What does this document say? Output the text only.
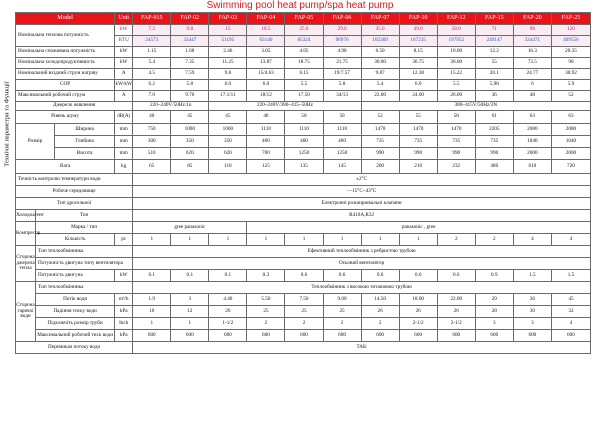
Swimming pool heat pump/spa heat pump
Технічні параметри та Функції
Model			Unit	FAP-015	FAP-02	FAP-03	FAP-04	FAP-05	FAP-06	FAP-07	FAP-10	FAP-12	FAP-15	FAP-20	FAP-25
Номінальна теплова потужність			kW	7.2	9.8	15	18.5	25.0	29.0	35.0	49.0	58.0	71	98	120
			BTU	24573	33447	51195	63140	85324	98976	102309	167235	197952	249147	334471	409556
Номінальна споживана потужність			kW	1.15	1.68	2.46	3.05	4.05	4.98	6.50	8.15	10.00	12.2	16.3	20.35
Номінальна холодопродуктивність			kW	5.4	7.35	11.25	13.87	18.75	21.75	30.00	36.75	36.00	55	73.5	90
Номінальний вхідний струм нагріву			A	4.5	7.59	9.8	15/4.63	6.15	19/7.57	9.87	12.38	15.22	20.1	24.77	30.92
COP			kW/kW	6.2	5.8	6.0	6.0	5.5	5.8	5.4	6.0	5.5	5.98	6	5.9
Максимальний робочий струм			A	7.0	9.70	17.1/11	18/12	17.50	34/13	22.00	24.00	26.00	36	48	52
Джерело живлення				220~240V/50Hz/1n		220~240V/380~415~50Hz				380~415V/50Hz/3N					
Рівень шуму			dB(A)	40	45	45	46	50	50	52	55	58	61	63	63
Розмір		Ширина	mm	750	1000	1000	1110	1110	1110	1470	1470	1470	2205	2080	2080
		Глибина	mm	300	350	350	460	460	460	735	735	735	735	1040	1040
		Висота	mm	510	620	620	700	1250	1250	990	990	990	990	2000	2000
Вага			kg	65	85	110	125	135	145	200	216	232	480	610	720
Точність контролю температури води				±2°C											
Робоче середовище				—15°C~43°C											
Тип дросельної				Електронні розширювальні клапани											
Холодоагент	Тип			R410A,R32											
Компресор	Марка / тип			gree panasonic			panasonic , gree								
	Кількість		pc	1	1	1	1	1	1	1	1	2	2	4	4
Сторона джерела тепла	Тип теплообмінника			Ефективний теплообмінник з ребристою трубою											
	Потужність двигуна типу вентилятора			Осьовий вентилятор											
	Потужність двигуна		kW	0.1	0.1	0.1	0.3	0.6	0.6	0.6	0.6	0.6	0.9	1.5	1.5
Сторона гарячої води	Тип теплообмінника			Теплообмінник з високою титановою трубою											
	Потік води		m³/h	1.9	3	4.40	5.50	7.50	9.00	14.50	18.00	22.00	29	36	45
	Падіння тиску води		kPa	10	12	20	25	25	25	26	26	26	28	30	32
	Підключіть розмір труби		Inch	1	1	1-1/2	2	2	2	2	2-1/2	2-1/2	3	3	4
	Максимальний робочий тиск води		kPa	600	600	600	600	600	600	600	600	600	600	600	600
Перемикач потоку води				TAK											
